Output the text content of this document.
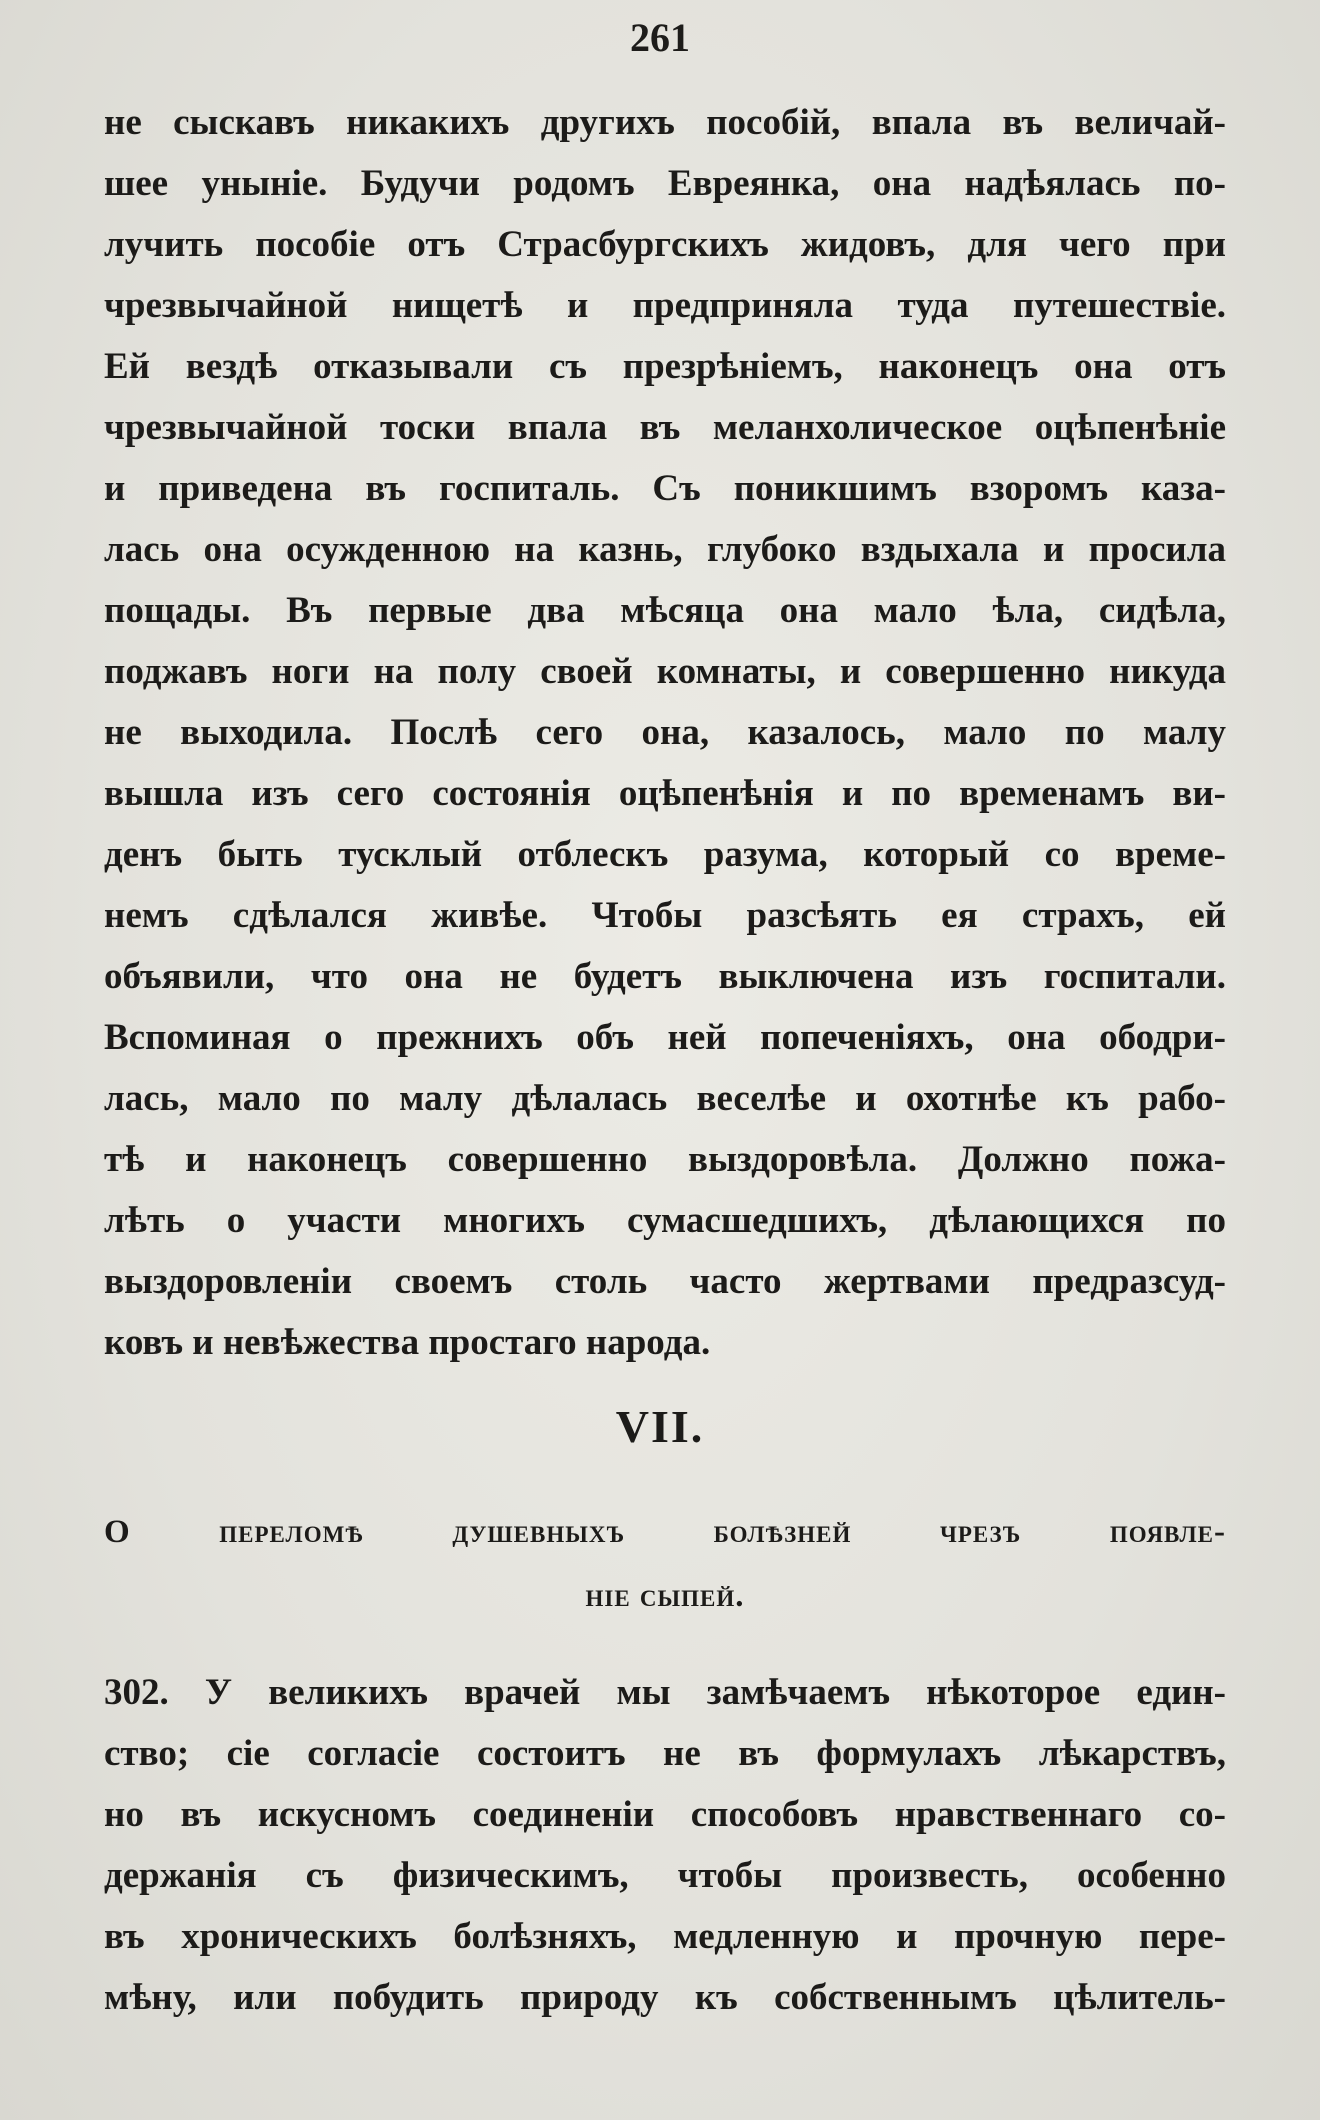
261
не сыскавъ никакихъ другихъ пособій, впала въ величай-
шее уныніе. Будучи родомъ Евреянка, она надѣялась по-
лучить пособіе отъ Страсбургскихъ жидовъ, для чего при
чрезвычайной нищетѣ и предприняла туда путешествіе.
Ей вездѣ отказывали съ презрѣніемъ, наконецъ она отъ
чрезвычайной тоски впала въ меланхолическое оцѣпенѣніе
и приведена въ госпиталь. Съ поникшимъ взоромъ каза-
лась она осужденною на казнь, глубоко вздыхала и просила
пощады. Въ первые два мѣсяца она мало ѣла, сидѣла,
поджавъ ноги на полу своей комнаты, и совершенно никуда
не выходила. Послѣ сего она, казалось, мало по малу
вышла изъ сего состоянія оцѣпенѣнія и по временамъ ви-
денъ быть тусклый отблескъ разума, который со време-
немъ сдѣлался живѣе. Чтобы разсѣять ея страхъ, ей
объявили, что она не будетъ выключена изъ госпитали.
Вспоминая о прежнихъ объ ней попеченіяхъ, она ободри-
лась, мало по малу дѣлалась веселѣе и охотнѣе къ рабо-
тѣ и наконецъ совершенно выздоровѣла. Должно пожа-
лѣть о участи многихъ сумасшедшихъ, дѣлающихся по
выздоровленіи своемъ столь часто жертвами предразсуд-
ковъ и невѣжества простаго народа.
VII.
О переломѣ душевныхъ болѣзней чрезъ появле-
ніе сыпей.
302. У великихъ врачей мы замѣчаемъ нѣкоторое един-
ство; сіе согласіе состоитъ не въ формулахъ лѣкарствъ,
но въ искусномъ соединеніи способовъ нравственнаго со-
держанія съ физическимъ, чтобы произвесть, особенно
въ хроническихъ болѣзняхъ, медленную и прочную пере-
мѣну, или побудить природу къ собственнымъ цѣлитель-
